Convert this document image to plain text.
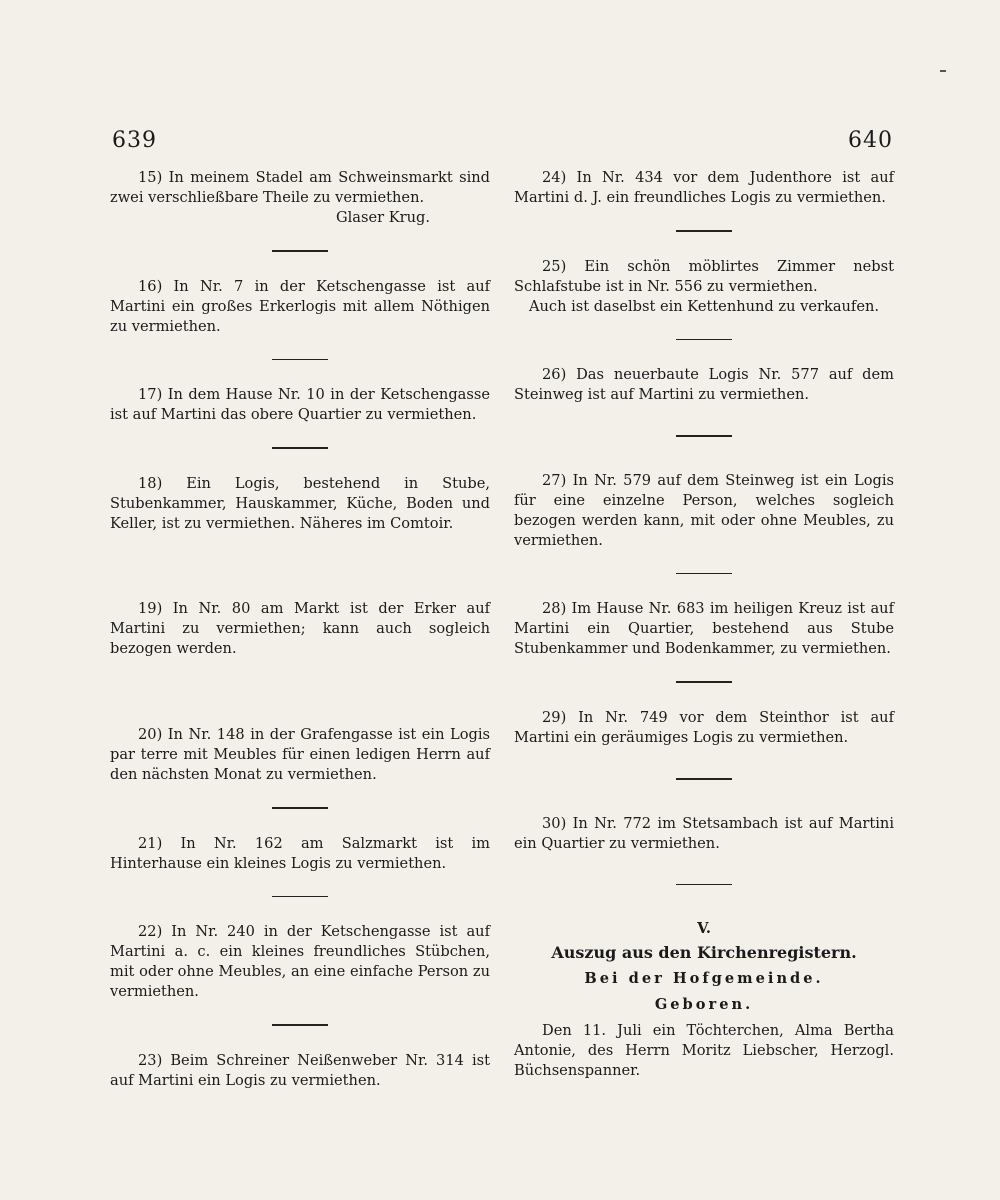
639	640

15) In meinem Stadel am Schweinsmarkt sind zwei verschließbare Theile zu vermiethen.

Glaser Krug.

16) In Nr. 7 in der Ketschengasse ist auf Martini ein großes Erkerlogis mit allem Nöthigen zu vermiethen.

17) In dem Hause Nr. 10 in der Ketschengasse ist auf Martini das obere Quartier zu vermiethen.

18) Ein Logis, bestehend in Stube, Stubenkammer, Hauskammer, Küche, Boden und Keller, ist zu vermiethen. Näheres im Comtoir.

19) In Nr. 80 am Markt ist der Erker auf Martini zu vermiethen; kann auch sogleich bezogen werden.

20) In Nr. 148 in der Grafengasse ist ein Logis par terre mit Meubles für einen ledigen Herrn auf den nächsten Monat zu vermiethen.

21) In Nr. 162 am Salzmarkt ist im Hinterhause ein kleines Logis zu vermiethen.

22) In Nr. 240 in der Ketschengasse ist auf Martini a. c. ein kleines freundliches Stübchen, mit oder ohne Meubles, an eine einfache Person zu vermiethen.

23) Beim Schreiner Neißenweber Nr. 314 ist auf Martini ein Logis zu vermiethen.

24) In Nr. 434 vor dem Judenthore ist auf Martini d. J. ein freundliches Logis zu vermiethen.

25) Ein schön möblirtes Zimmer nebst Schlafstube ist in Nr. 556 zu vermiethen.

Auch ist daselbst ein Kettenhund zu verkaufen.

26) Das neuerbaute Logis Nr. 577 auf dem Steinweg ist auf Martini zu vermiethen.

27) In Nr. 579 auf dem Steinweg ist ein Logis für eine einzelne Person, welches sogleich bezogen werden kann, mit oder ohne Meubles, zu vermiethen.

28) Im Hause Nr. 683 im heiligen Kreuz ist auf Martini ein Quartier, bestehend aus Stube Stubenkammer und Bodenkammer, zu vermiethen.

29) In Nr. 749 vor dem Steinthor ist auf Martini ein geräumiges Logis zu vermiethen.

30) In Nr. 772 im Stetsambach ist auf Martini ein Quartier zu vermiethen.

V.
Auszug aus den Kirchenregistern.
Bei der Hofgemeinde.
Geboren.

Den 11. Juli ein Töchterchen, Alma Bertha Antonie, des Herrn Moritz Liebscher, Herzogl. Büchsenspanner.
